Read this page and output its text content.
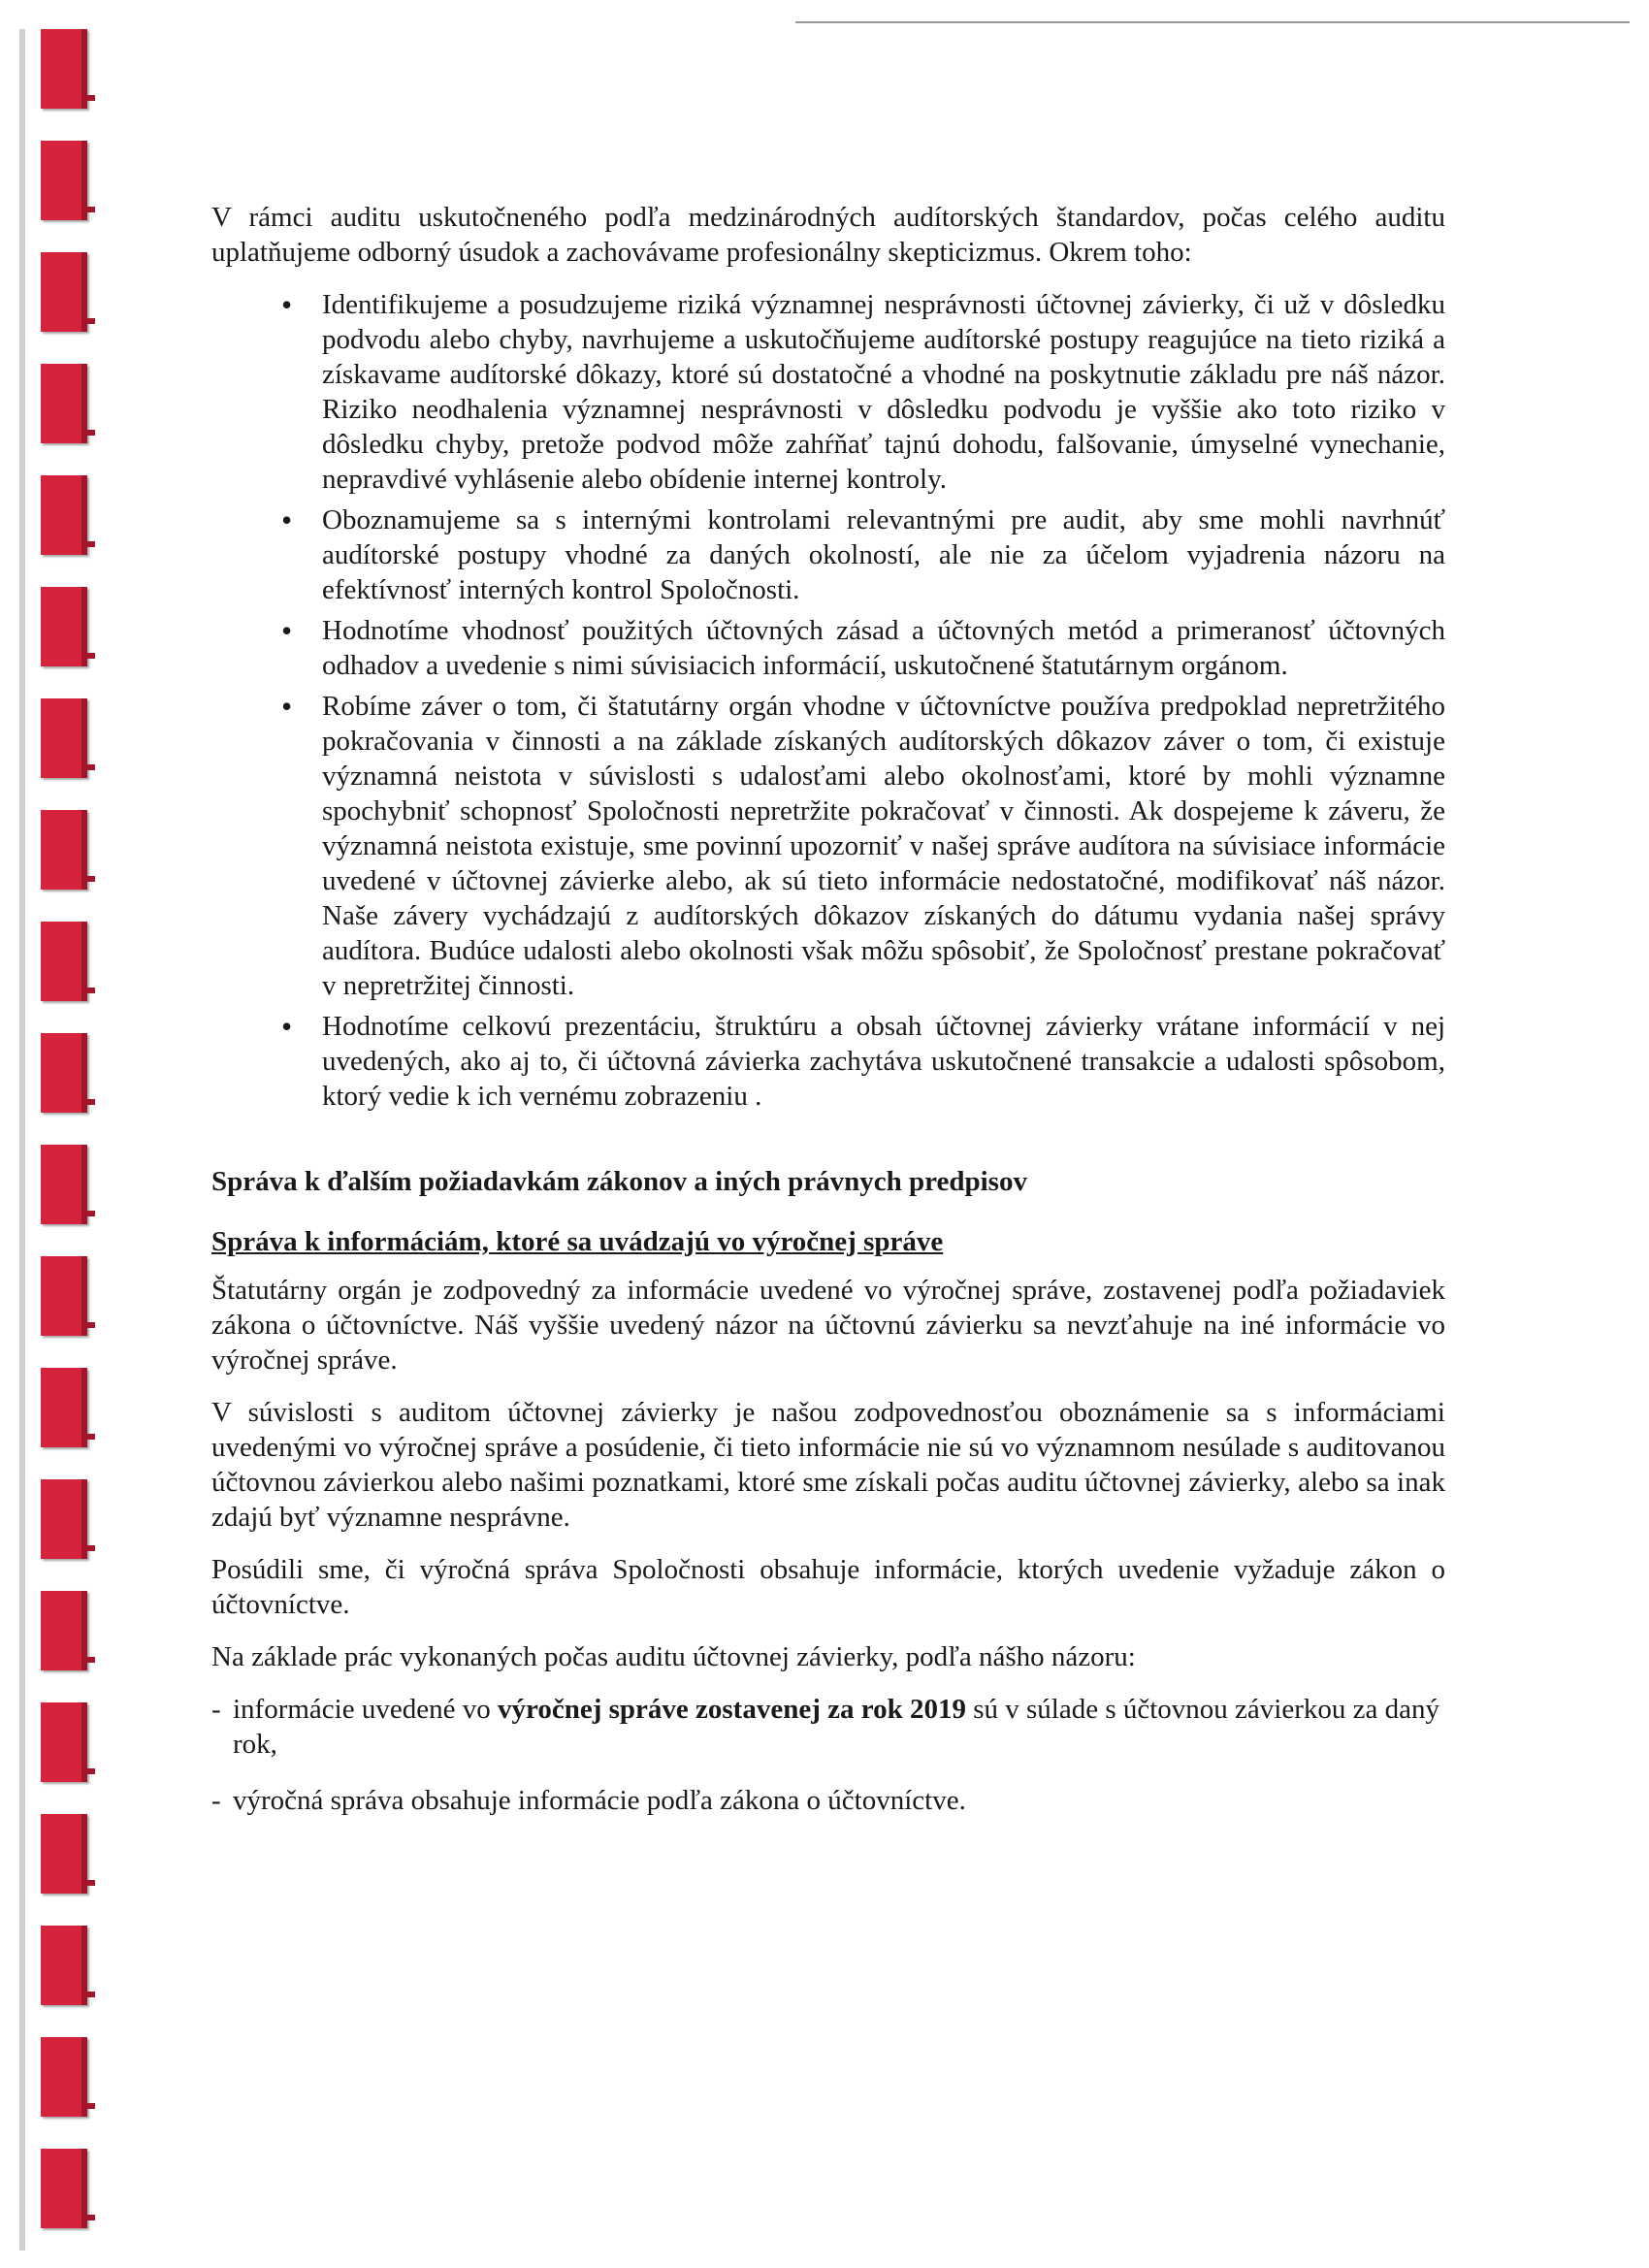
V rámci auditu uskutočneného podľa medzinárodných audítorských štandardov, počas celého auditu uplatňujeme odborný úsudok a zachovávame profesionálny skepticizmus. Okrem toho:

• Identifikujeme a posudzujeme riziká významnej nesprávnosti účtovnej závierky, či už v dôsledku podvodu alebo chyby, navrhujeme a uskutočňujeme audítorské postupy reagujúce na tieto riziká a získavame audítorské dôkazy, ktoré sú dostatočné a vhodné na poskytnutie základu pre náš názor. Riziko neodhalenia významnej nesprávnosti v dôsledku podvodu je vyššie ako toto riziko v dôsledku chyby, pretože podvod môže zahŕňať tajnú dohodu, falšovanie, úmyselné vynechanie, nepravdivé vyhlásenie alebo obídenie internej kontroly.
• Oboznamujeme sa s internými kontrolami relevantnými pre audit, aby sme mohli navrhnúť audítorské postupy vhodné za daných okolností, ale nie za účelom vyjadrenia názoru na efektívnosť interných kontrol Spoločnosti.
• Hodnotíme vhodnosť použitých účtovných zásad a účtovných metód a primeranosť účtovných odhadov a uvedenie s nimi súvisiacich informácií, uskutočnené štatutárnym orgánom.
• Robíme záver o tom, či štatutárny orgán vhodne v účtovníctve používa predpoklad nepretržitého pokračovania v činnosti a na základe získaných audítorských dôkazov záver o tom, či existuje významná neistota v súvislosti s udalosťami alebo okolnosťami, ktoré by mohli významne spochybniť schopnosť Spoločnosti nepretržite pokračovať v činnosti. Ak dospejeme k záveru, že významná neistota existuje, sme povinní upozorniť v našej správe audítora na súvisiace informácie uvedené v účtovnej závierke alebo, ak sú tieto informácie nedostatočné, modifikovať náš názor. Naše závery vychádzajú z audítorských dôkazov získaných do dátumu vydania našej správy audítora. Budúce udalosti alebo okolnosti však môžu spôsobiť, že Spoločnosť prestane pokračovať v nepretržitej činnosti.
• Hodnotíme celkovú prezentáciu, štruktúru a obsah účtovnej závierky vrátane informácií v nej uvedených, ako aj to, či účtovná závierka zachytáva uskutočnené transakcie a udalosti spôsobom, ktorý vedie k ich vernému zobrazeniu .
Správa k ďalším požiadavkám zákonov a iných právnych predpisov
Správa k informáciám, ktoré sa uvádzajú vo výročnej správe

Štatutárny orgán je zodpovedný za informácie uvedené vo výročnej správe, zostavenej podľa požiadaviek zákona o účtovníctve. Náš vyššie uvedený názor na účtovnú závierku sa nevzťahuje na iné informácie vo výročnej správe.

V súvislosti s auditom účtovnej závierky je našou zodpovednosťou oboznámenie sa s informáciami uvedenými vo výročnej správe a posúdenie, či tieto informácie nie sú vo významnom nesúlade s auditovanou účtovnou závierkou alebo našimi poznatkami, ktoré sme získali počas auditu účtovnej závierky, alebo sa inak zdajú byť významne nesprávne.

Posúdili sme, či výročná správa Spoločnosti obsahuje informácie, ktorých uvedenie vyžaduje zákon o účtovníctve.

Na základe prác vykonaných počas auditu účtovnej závierky, podľa nášho názoru:

- informácie uvedené vo výročnej správe zostavenej za rok 2019 sú v súlade s účtovnou závierkou za daný rok,
- výročná správa obsahuje informácie podľa zákona o účtovníctve.
